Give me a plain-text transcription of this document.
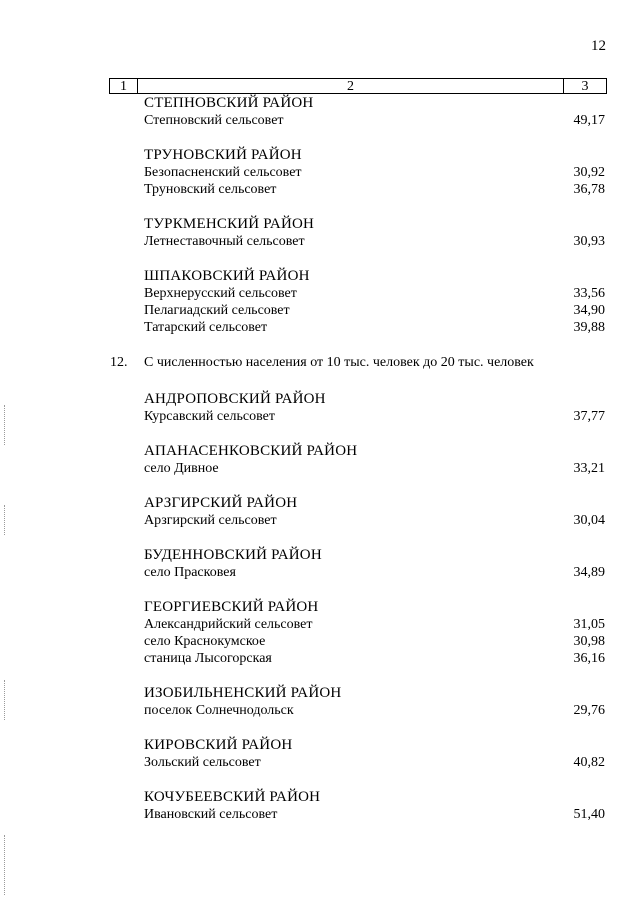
12
1	2	3
СТЕПНОВСКИЙ РАЙОН
Степновский сельсовет	49,17
ТРУНОВСКИЙ РАЙОН
Безопасненский сельсовет	30,92
Труновский сельсовет	36,78
ТУРКМЕНСКИЙ РАЙОН
Летнеставочный сельсовет	30,93
ШПАКОВСКИЙ РАЙОН
Верхнерусский сельсовет	33,56
Пелагиадский сельсовет	34,90
Татарский сельсовет	39,88
12.	С численностью населения от 10 тыс. человек до 20 тыс. человек
АНДРОПОВСКИЙ РАЙОН
Курсавский сельсовет	37,77
АПАНАСЕНКОВСКИЙ РАЙОН
село Дивное	33,21
АРЗГИРСКИЙ РАЙОН
Арзгирский сельсовет	30,04
БУДЕННОВСКИЙ РАЙОН
село Прасковея	34,89
ГЕОРГИЕВСКИЙ РАЙОН
Александрийский сельсовет	31,05
село Краснокумское	30,98
станица Лысогорская	36,16
ИЗОБИЛЬНЕНСКИЙ РАЙОН
поселок Солнечнодольск	29,76
КИРОВСКИЙ РАЙОН
Зольский сельсовет	40,82
КОЧУБЕЕВСКИЙ РАЙОН
Ивановский сельсовет	51,40
